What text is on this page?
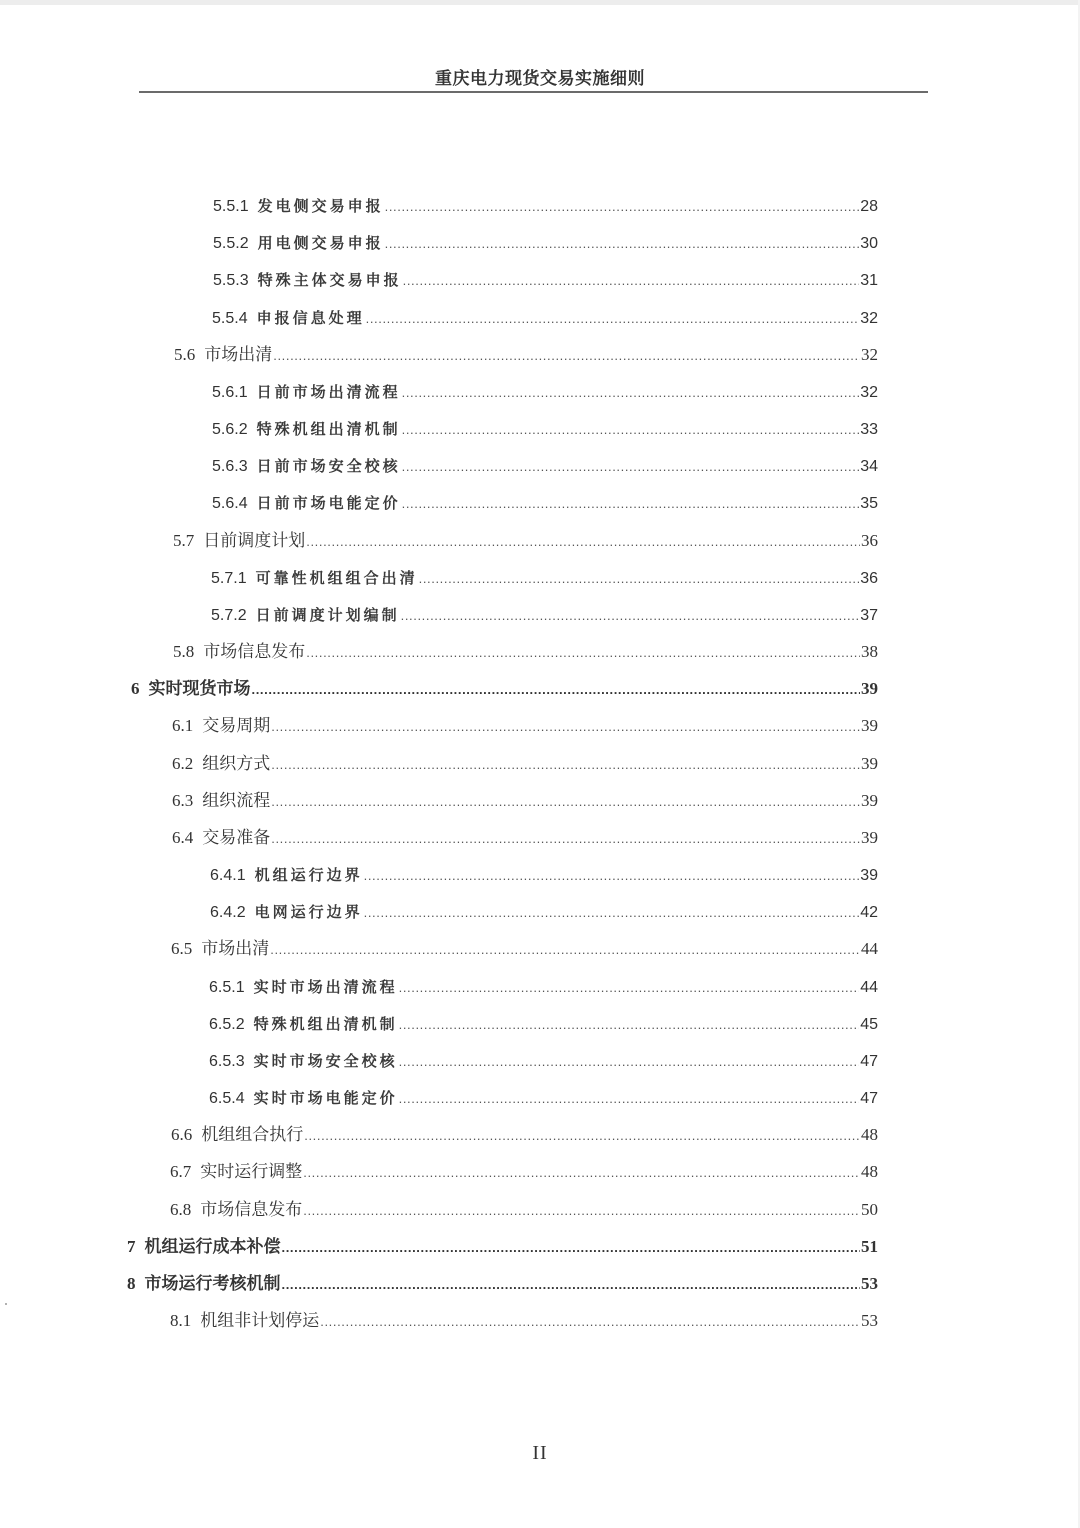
重庆电力现货交易实施细则
5.5.1 发电侧交易申报 .....	28
5.5.2 用电侧交易申报 .....	30
5.5.3 特殊主体交易申报 .....	31
5.5.4 申报信息处理 .....	32
5.6 市场出清 .....	32
5.6.1 日前市场出清流程 .....	32
5.6.2 特殊机组出清机制 .....	33
5.6.3 日前市场安全校核 .....	34
5.6.4 日前市场电能定价 .....	35
5.7 日前调度计划 .....	36
5.7.1 可靠性机组组合出清 .....	36
5.7.2 日前调度计划编制 .....	37
5.8 市场信息发布 .....	38
6 实时现货市场 .....	39
6.1 交易周期 .....	39
6.2 组织方式 .....	39
6.3 组织流程 .....	39
6.4 交易准备 .....	39
6.4.1 机组运行边界 .....	39
6.4.2 电网运行边界 .....	42
6.5 市场出清 .....	44
6.5.1 实时市场出清流程 .....	44
6.5.2 特殊机组出清机制 .....	45
6.5.3 实时市场安全校核 .....	47
6.5.4 实时市场电能定价 .....	47
6.6 机组组合执行 .....	48
6.7 实时运行调整 .....	48
6.8 市场信息发布 .....	50
7 机组运行成本补偿 .....	51
8 市场运行考核机制 .....	53
8.1 机组非计划停运 .....	53
II
